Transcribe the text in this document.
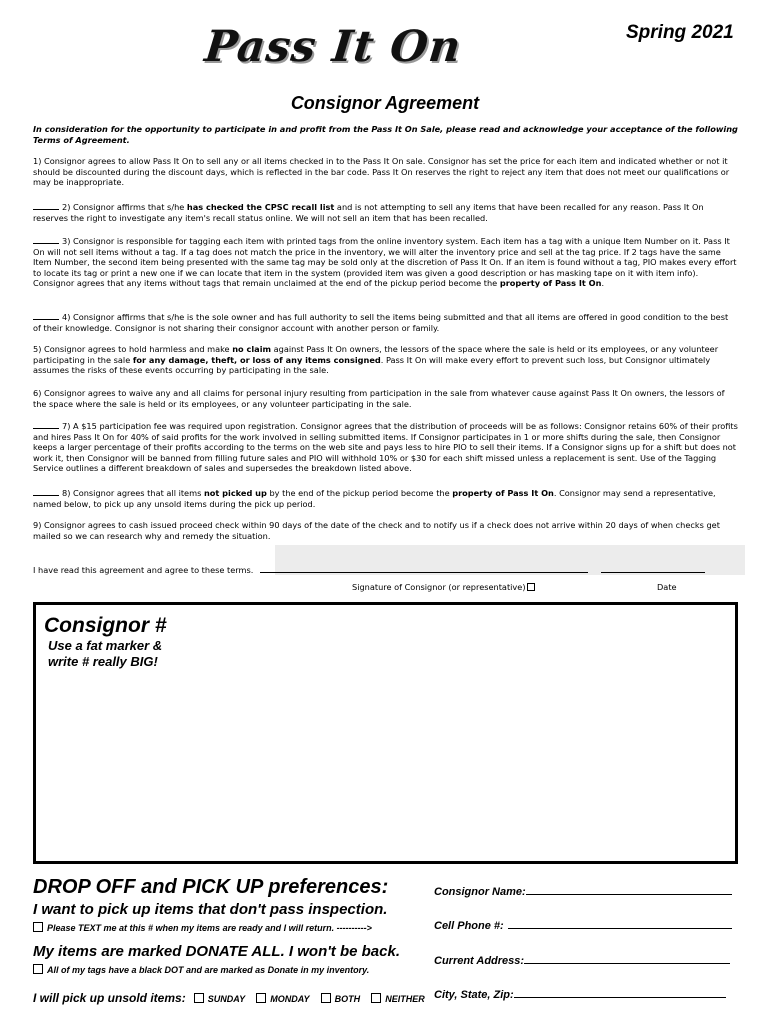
Pass It On	Spring 2021
Consignor Agreement
In consideration for the opportunity to participate in and profit from the Pass It On Sale, please read and acknowledge your acceptance of the following Terms of Agreement.
1) Consignor agrees to allow Pass It On to sell any or all items checked in to the Pass It On sale. Consignor has set the price for each item and indicated whether or not it should be discounted during the discount days, which is reflected in the bar code. Pass It On reserves the right to reject any item that does not meet our qualifications or may be inappropriate.
2) Consignor affirms that s/he has checked the CPSC recall list and is not attempting to sell any items that have been recalled for any reason. Pass It On reserves the right to investigate any item's recall status online. We will not sell an item that has been recalled.
3) Consignor is responsible for tagging each item with printed tags from the online inventory system. Each item has a tag with a unique Item Number on it. Pass It On will not sell items without a tag. If a tag does not match the price in the inventory, we will alter the inventory price and sell at the tag price. If 2 tags have the same Item Number, the second item being presented with the same tag may be sold only at the discretion of Pass It On. If an item is found without a tag, PIO makes every effort to locate its tag or print a new one if we can locate that item in the system (provided item was given a good description or has masking tape on it with item info). Consignor agrees that any items without tags that remain unclaimed at the end of the pickup period become the property of Pass It On.
4) Consignor affirms that s/he is the sole owner and has full authority to sell the items being submitted and that all items are offered in good condition to the best of their knowledge. Consignor is not sharing their consignor account with another person or family.
5) Consignor agrees to hold harmless and make no claim against Pass It On owners, the lessors of the space where the sale is held or its employees, or any volunteer participating in the sale for any damage, theft, or loss of any items consigned. Pass It On will make every effort to prevent such loss, but Consignor ultimately assumes the risks of these events occurring by participating in the sale.
6) Consignor agrees to waive any and all claims for personal injury resulting from participation in the sale from whatever cause against Pass It On owners, the lessors of the space where the sale is held or its employees, or any volunteer participating in the sale.
7) A $15 participation fee was required upon registration. Consignor agrees that the distribution of proceeds will be as follows: Consignor retains 60% of their profits and hires Pass It On for 40% of said profits for the work involved in selling submitted items. If Consignor participates in 1 or more shifts during the sale, then Consignor keeps a larger percentage of their profits according to the terms on the web site and pays less to hire PIO to sell their items. If a Consignor signs up for a shift but does not work it, then Consignor will be banned from filling future sales and PIO will withhold 10% or $30 for each shift missed unless a replacement is sent. Use of the Tagging Service outlines a different breakdown of sales and supersedes the breakdown listed above.
8) Consignor agrees that all items not picked up by the end of the pickup period become the property of Pass It On. Consignor may send a representative, named below, to pick up any unsold items during the pick up period.
9) Consignor agrees to cash issued proceed check within 90 days of the date of the check and to notify us if a check does not arrive within 20 days of when checks get mailed so we can research why and remedy the situation.
I have read this agreement and agree to these terms.
Signature of Consignor (or representative)	Date
Consignor #
Use a fat marker &
write # really BIG!
DROP OFF and PICK UP preferences:
I want to pick up items that don't pass inspection.
Please TEXT me at this # when my items are ready and I will return. ---------->
My items are marked DONATE ALL. I won't be back.
All of my tags have a black DOT and are marked as Donate in my inventory.
I will pick up unsold items: SUNDAY	MONDAY	BOTH	NEITHER
Consignor Name:
Cell Phone #:
Current Address:
City, State, Zip:
